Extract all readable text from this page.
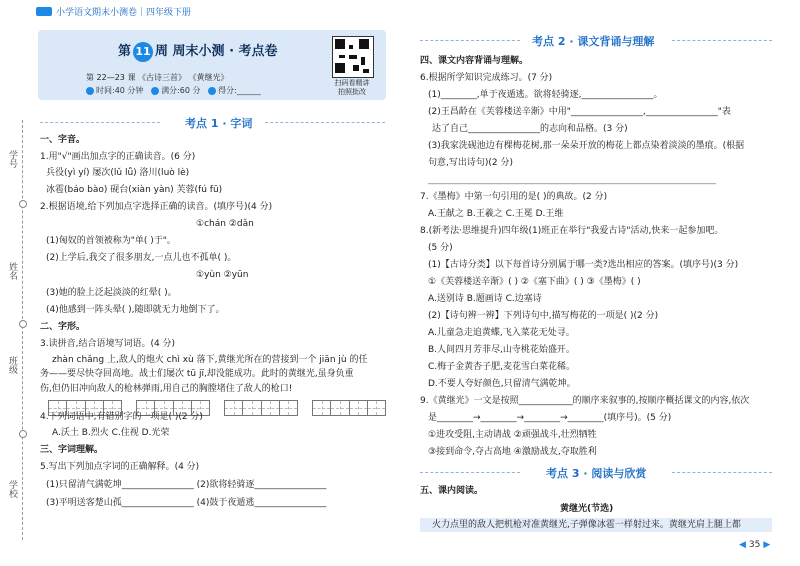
学号
姓名
班级
学校
小学语文期末小测卷｜四年级下册
第 11 周 周末小测 · 考点卷
第 22—23 课 《古诗三首》 《黄继光》
时间:40 分钟 满分:60 分 得分:______
扫码看精讲
拍照批改
考点 1 · 字词
一、字音。
1.用"√"画出加点字的正确读音。(6 分)
兵役(yì yí) 屡次(lǔ lǚ) 洛川(luò lè)
冰雹(báo bào) 砚台(xiàn yàn) 芙蓉(fú fū)
2.根据语境,给下列加点字选择正确的读音。(填序号)(4 分)
①chán ②dǎn
(1)匈奴的首领被称为"单( )于"。
(2)上学后,我交了很多朋友,一点儿也不孤单( )。
①yùn ②yūn
(3)她的脸上泛起淡淡的红晕( )。
(4)他感到一阵头晕( ),随即就无力地倒下了。
二、字形。
3.读拼音,结合语境写词语。(4 分)
zhàn chǎng 上,敌人的炮火 chì xù 落下,黄继光所在的营接到一个 jiān jù 的任
4.下列词语中,有错别字的一项是( )(2 分)
A.沃土 B.烈火 C.住视 D.光荣
三、字词理解。
5.写出下列加点字词的正确解释。(4 分)
(1)只留清气满乾坤________________ (2)欲将轻骑逐________________
(3)平明送客楚山孤________________ (4)鼓于夜遁逃________________
考点 2 · 课文背诵与理解
四、课文内容背诵与理解。
6.根据所学知识完成练习。(7 分)
(1)________,单于夜遁逃。欲将轻骑逐,________________。
(2)王昌龄在《芙蓉楼送辛渐》中用"________________,________________"表
达了自己________________的志向和品格。(3 分)
(3)我家洗砚池边有棵梅花树,那一朵朵开放的梅花上都点染着淡淡的墨痕。(根据
句意,写出诗句)(2 分)
________________________________________________________________
7.《墨梅》中第一句引用的是( )的典故。(2 分)
A.王献之 B.王羲之 C.王冕 D.王维
8.(新考法·思维提升)四年级(1)班正在举行"我爱古诗"活动,快来一起参加吧。
(5 分)
(1)【古诗分类】以下每首诗分别属于哪一类?选出相应的答案。(填序号)(3 分)
①《芙蓉楼送辛渐》( ) ②《塞下曲》( ) ③《墨梅》( )
A.送别诗 B.题画诗 C.边塞诗
(2)【诗句辨一辨】下列诗句中,描写梅花的一项是( )(2 分)
A.儿童急走追黄蝶,飞入菜花无处寻。
B.人间四月芳菲尽,山寺桃花始盛开。
C.梅子金黄杏子肥,麦花雪白菜花稀。
D.不要人夸好颜色,只留清气满乾坤。
9.《黄继光》一文是按照____________的顺序来叙事的,按顺序概括课文的内容,依次
是________→________→________→________(填序号)。(5 分)
①进攻受阻,主动请战 ②顽强战斗,壮烈牺牲
③接到命令,夺占高地 ④激励战友,夺取胜利
考点 3 · 阅读与欣赏
五、课内阅读。
黄继光(节选)
火力点里的敌人把机枪对准黄继光,子弹像冰雹一样射过来。黄继光肩上腿上都
◀ 35 ▶
务——要尽快夺回高地。战士们屡次 tū jī,却没能成功。此时的黄继光,虽身负重
伤,但仍旧冲向敌人的枪林弹雨,用自己的胸膛堵住了敌人的枪口!
